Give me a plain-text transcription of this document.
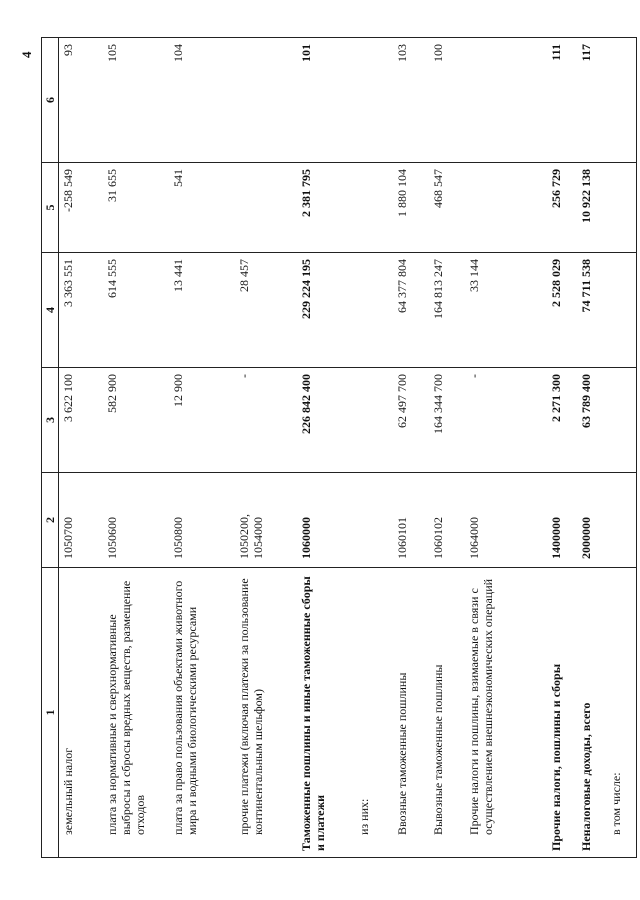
4
1	2	3	4	5	6
земельный налог	1050700	3 622 100	3 363 551	-258 549	93
плата за нормативные и сверхнормативные выбросы и сбросы вредных веществ, размещение отходов	1050600	582 900	614 555	31 655	105
плата за право пользования объектами животного мира и водными биологическими ресурсами	1050800	12 900	13 441	541	104
прочие платежи (включая платежи за пользование континентальным шельфом)	1050200, 1054000	-	28 457		
Таможенные пошлины и иные таможенные сборы и платежи	1060000	226 842 400	229 224 195	2 381 795	101
из них:					
Ввозные таможенные пошлины	1060101	62 497 700	64 377 804	1 880 104	103
Вывозные таможенные пошлины	1060102	164 344 700	164 813 247	468 547	100
Прочие налоги и пошлины, взимаемые в связи с осуществлением внешнеэкономических операций	1064000	-	33 144		
Прочие налоги, пошлины и сборы	1400000	2 271 300	2 528 029	256 729	111
Неналоговые доходы, всего	2000000	63 789 400	74 711 538	10 922 138	117
в том числе:					
